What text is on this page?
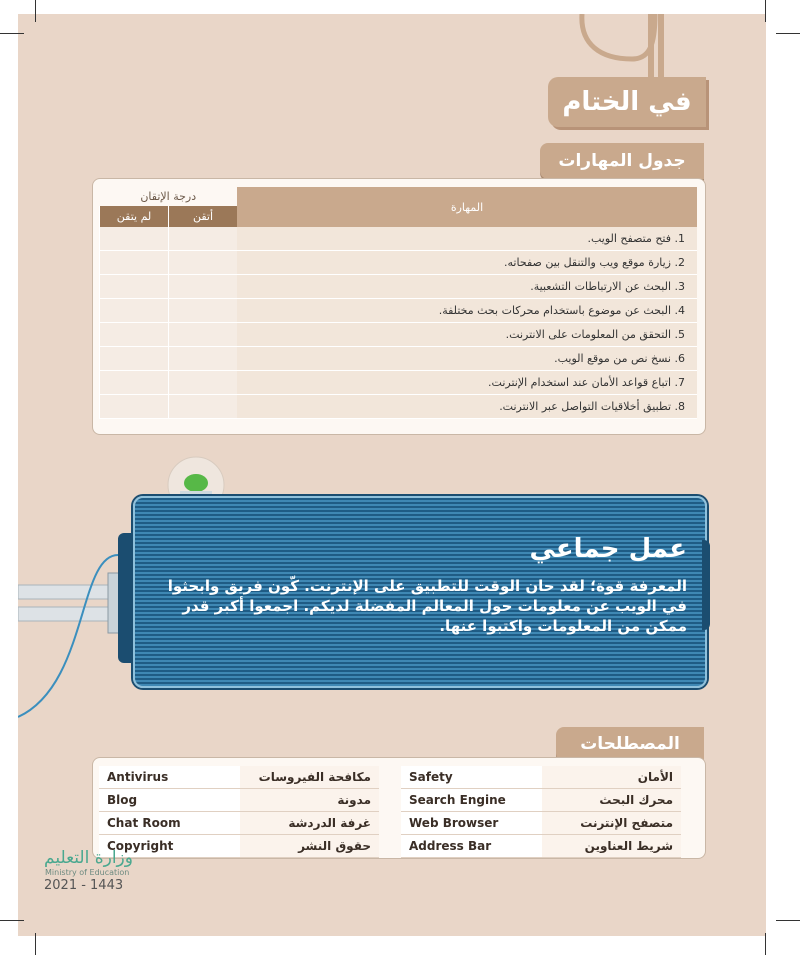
في الختام
جدول المهارات
درجة الإتقان		المهارة
لم يتقن	أتقن	
		1. فتح متصفح الويب.
		2. زيارة موقع ويب والتنقل بين صفحاته.
		3. البحث عن الارتباطات التشعبية.
		4. البحث عن موضوع باستخدام محركات بحث مختلفة.
		5. التحقق من المعلومات على الانترنت.
		6. نسخ نص من موقع الويب.
		7. اتباع قواعد الأمان عند استخدام الإنترنت.
		8. تطبيق أخلاقيات التواصل عبر الانترنت.
عمل جماعي
المعرفة قوة؛ لقد حان الوقت للتطبيق على الإنترنت. كّون فريق وابحثوا في الويب عن معلومات حول المعالم المفضلة لديكم. اجمعوا أكبر قدر ممكن من المعلومات واكتبوا عنها.
المصطلحات
Safety	الأمان
Search Engine	محرك البحث
Web Browser	متصفح الإنترنت
Address Bar	شريط العناوين
Antivirus	مكافحة الفيروسات
Blog	مدونة
Chat Room	غرفة الدردشة
Copyright	حقوق النشر
وزارة التعليم
Ministry of Education
2021 - 1443
